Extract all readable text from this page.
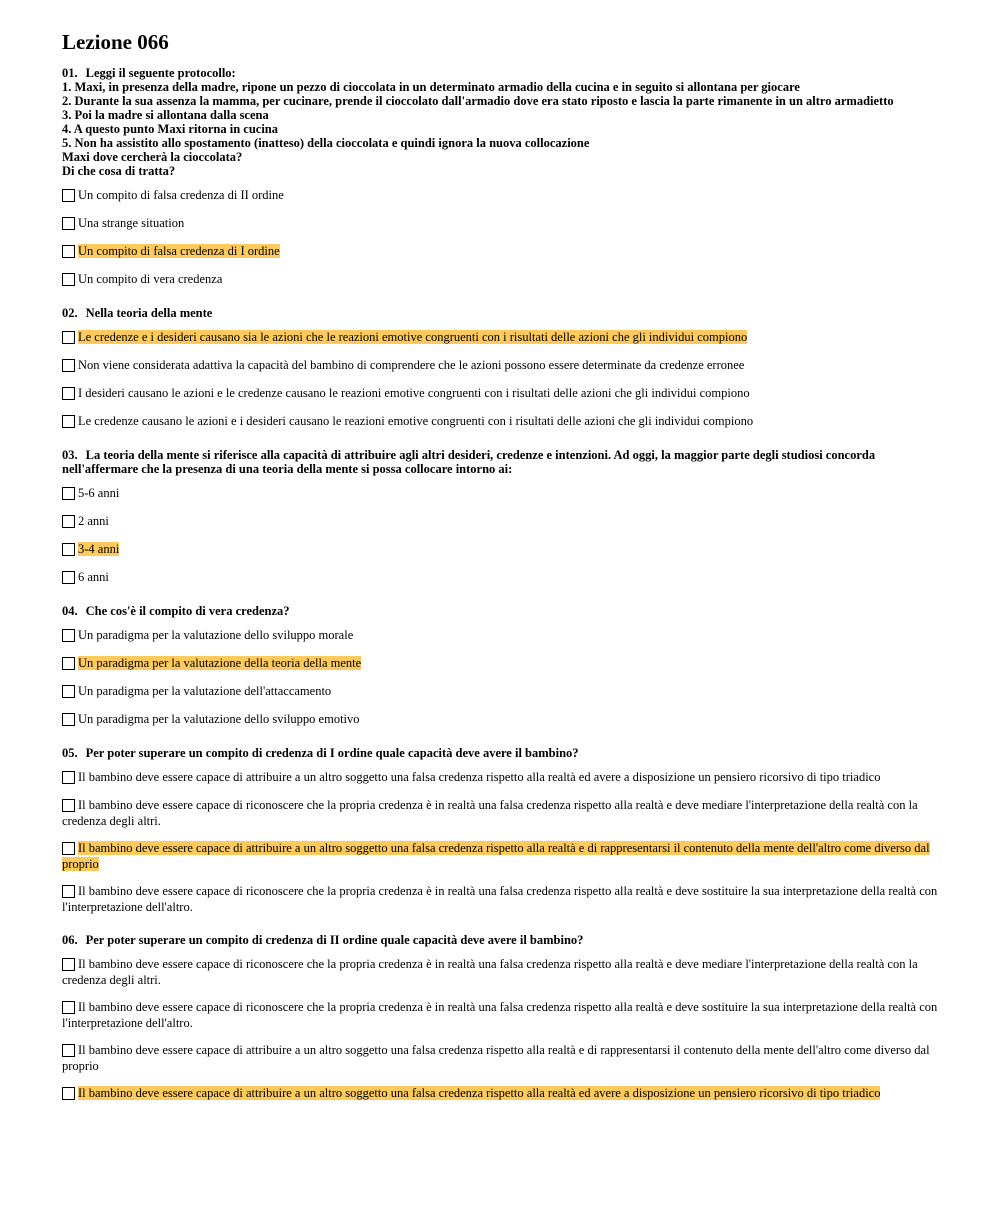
Lezione 066
01. Leggi il seguente protocollo:
1. Maxi, in presenza della madre, ripone un pezzo di cioccolata in un determinato armadio della cucina e in seguito si allontana per giocare
2. Durante la sua assenza la mamma, per cucinare, prende il cioccolato dall'armadio dove era stato riposto e lascia la parte rimanente in un altro armadietto
3. Poi la madre si allontana dalla scena
4. A questo punto Maxi ritorna in cucina
5. Non ha assistito allo spostamento (inatteso) della cioccolata e quindi ignora la nuova collocazione
Maxi dove cercherà la cioccolata?
Di che cosa di tratta?
Un compito di falsa credenza di II ordine
Una strange situation
Un compito di falsa credenza di I ordine
Un compito di vera credenza
02. Nella teoria della mente
Le credenze e i desideri causano sia le azioni che le reazioni emotive congruenti con i risultati delle azioni che gli individui compiono
Non viene considerata adattiva la capacità del bambino di comprendere che le azioni possono essere determinate da credenze erronee
I desideri causano le azioni e le credenze causano le reazioni emotive congruenti con i risultati delle azioni che gli individui compiono
Le credenze causano le azioni e i desideri causano le reazioni emotive congruenti con i risultati delle azioni che gli individui compiono
03. La teoria della mente si riferisce alla capacità di attribuire agli altri desideri, credenze e intenzioni. Ad oggi, la maggior parte degli studiosi concorda nell'affermare che la presenza di una teoria della mente si possa collocare intorno ai:
5-6 anni
2 anni
3-4 anni
6 anni
04. Che cos'è il compito di vera credenza?
Un paradigma per la valutazione dello sviluppo morale
Un paradigma per la valutazione della teoria della mente
Un paradigma per la valutazione dell'attaccamento
Un paradigma per la valutazione dello sviluppo emotivo
05. Per poter superare un compito di credenza di I ordine quale capacità deve avere il bambino?
Il bambino deve essere capace di attribuire a un altro soggetto una falsa credenza rispetto alla realtà ed avere a disposizione un pensiero ricorsivo di tipo triadico
Il bambino deve essere capace di riconoscere che la propria credenza è in realtà una falsa credenza rispetto alla realtà e deve mediare l'interpretazione della realtà con la credenza degli altri.
Il bambino deve essere capace di attribuire a un altro soggetto una falsa credenza rispetto alla realtà e di rappresentarsi il contenuto della mente dell'altro come diverso dal proprio
Il bambino deve essere capace di riconoscere che la propria credenza è in realtà una falsa credenza rispetto alla realtà e deve sostituire la sua interpretazione della realtà con l'interpretazione dell'altro.
06. Per poter superare un compito di credenza di II ordine quale capacità deve avere il bambino?
Il bambino deve essere capace di riconoscere che la propria credenza è in realtà una falsa credenza rispetto alla realtà e deve mediare l'interpretazione della realtà con la credenza degli altri.
Il bambino deve essere capace di riconoscere che la propria credenza è in realtà una falsa credenza rispetto alla realtà e deve sostituire la sua interpretazione della realtà con l'interpretazione dell'altro.
Il bambino deve essere capace di attribuire a un altro soggetto una falsa credenza rispetto alla realtà e di rappresentarsi il contenuto della mente dell'altro come diverso dal proprio
Il bambino deve essere capace di attribuire a un altro soggetto una falsa credenza rispetto alla realtà ed avere a disposizione un pensiero ricorsivo di tipo triadico
